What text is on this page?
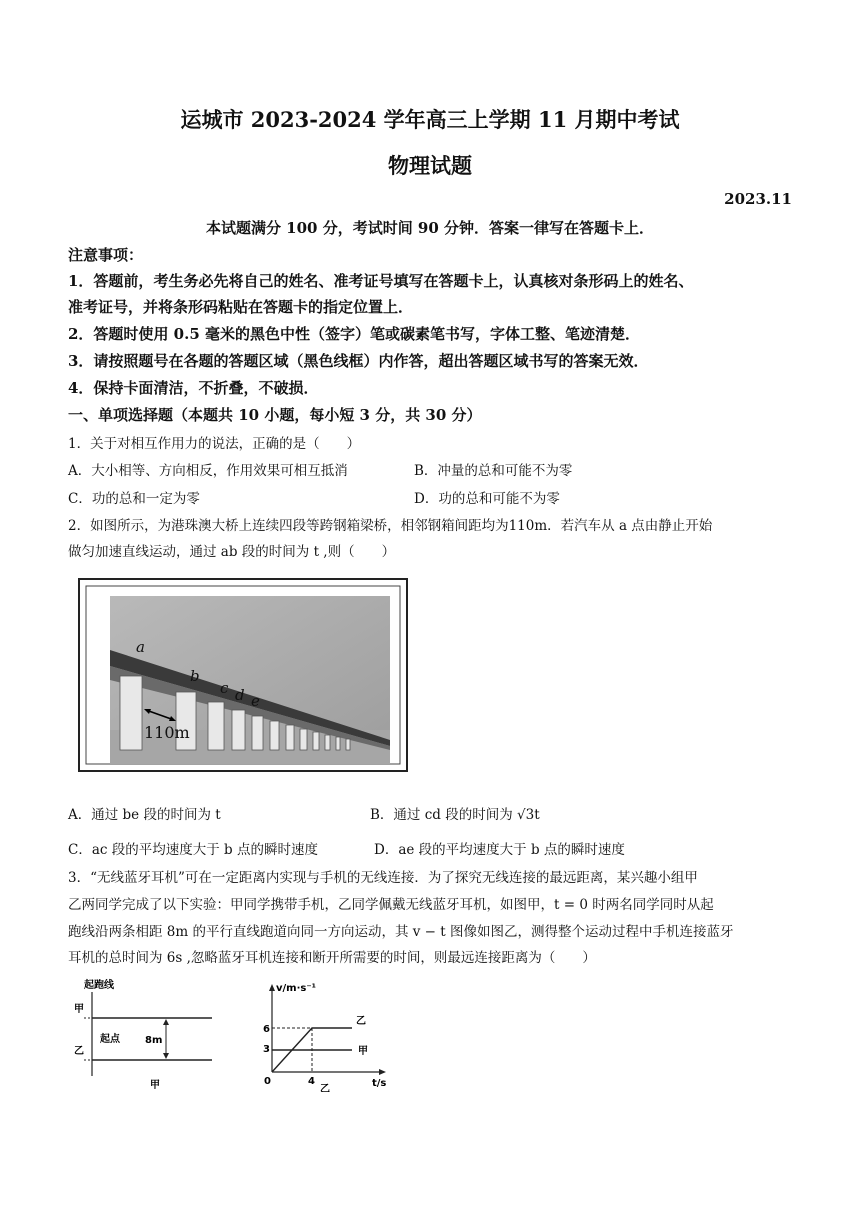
运城市 2023-2024 学年高三上学期 11 月期中考试
物理试题
2023.11
本试题满分 100 分，考试时间 90 分钟．答案一律写在答题卡上．
注意事项：
1．答题前，考生务必先将自己的姓名、准考证号填写在答题卡上，认真核对条形码上的姓名、
准考证号，并将条形码粘贴在答题卡的指定位置上．
2．答题时使用 0.5 毫米的黑色中性（签字）笔或碳素笔书写，字体工整、笔迹清楚．
3．请按照题号在各题的答题区域（黑色线框）内作答，超出答题区域书写的答案无效．
4．保持卡面清洁，不折叠，不破损．
一、单项选择题（本题共 10 小题，每小短 3 分，共 30 分）
1．关于对相互作用力的说法，正确的是（　　）
A．大小相等、方向相反，作用效果可相互抵消	B．冲量的总和可能不为零
C．功的总和一定为零	D．功的总和可能不为零
2．如图所示，为港珠澳大桥上连续四段等跨钢箱梁桥，相邻钢箱间距均为110m．若汽车从 a 点由静止开始
做匀加速直线运动，通过 ab 段的时间为 t ,则（　　）
110m
a
b
c d e
A．通过 be 段的时间为 t	B．通过 cd 段的时间为 √3t
C．ac 段的平均速度大于 b 点的瞬时速度	D．ae 段的平均速度大于 b 点的瞬时速度
3．“无线蓝牙耳机”可在一定距离内实现与手机的无线连接．为了探究无线连接的最远距离，某兴趣小组甲
乙两同学完成了以下实验：甲同学携带手机，乙同学佩戴无线蓝牙耳机，如图甲，t = 0 时两名同学同时从起
跑线沿两条相距 8m 的平行直线跑道向同一方向运动，其 v − t 图像如图乙，测得整个运动过程中手机连接蓝牙
耳机的总时间为 6s ,忽略蓝牙耳机连接和断开所需要的时间，则最远连接距离为（　　）
起跑线
甲
乙
起点	8m
甲
v/m·s⁻¹
t/s
0
6
3
4
乙
甲
乙
